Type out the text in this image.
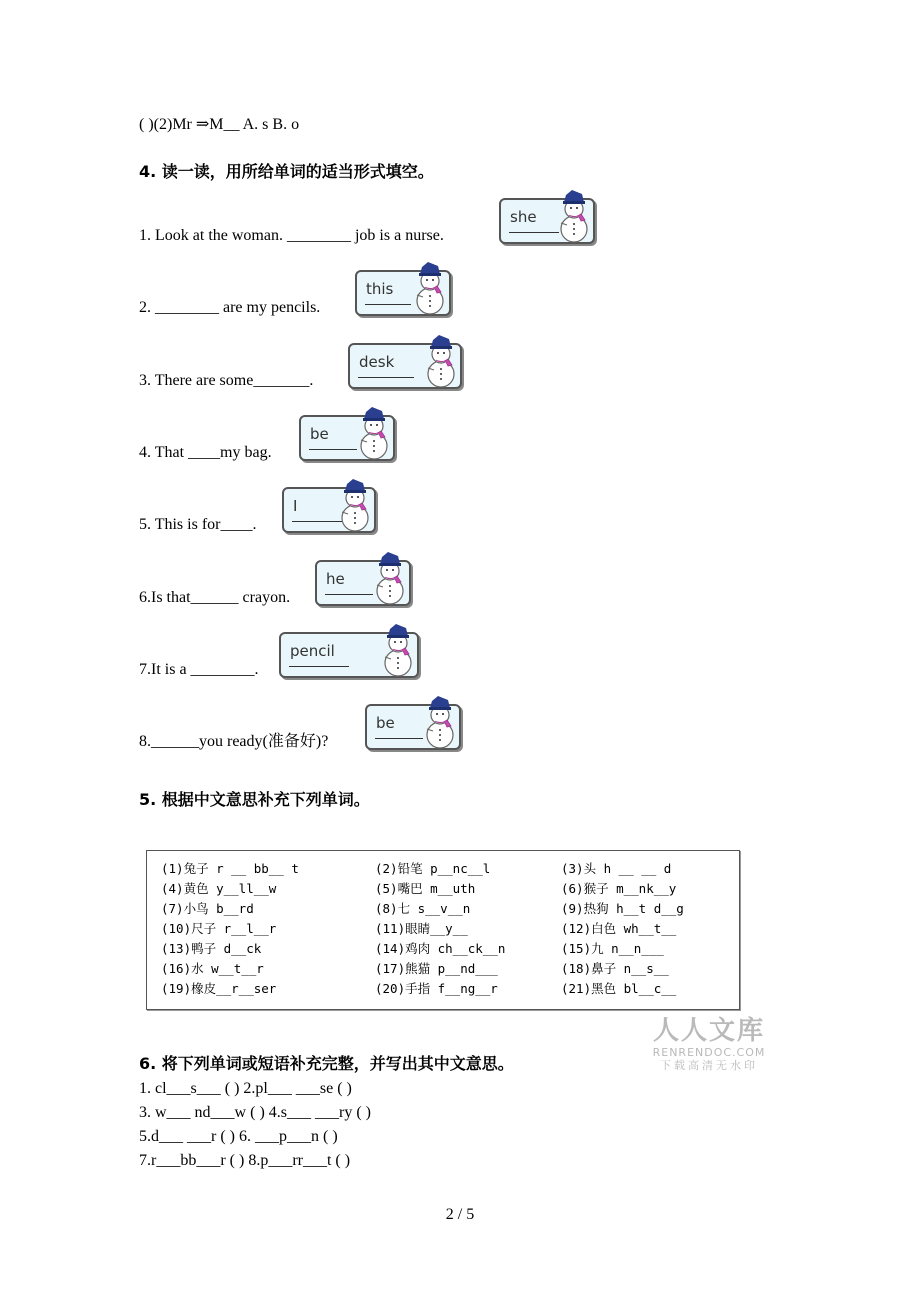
( )(2)Mr ⇒M__ A. s B. o
4. 读一读，用所给单词的适当形式填空。
1. Look at the woman. ________ job is a nurse.
she
2. ________ are my pencils.
this
3. There are some_______.
desk
4. That ____my bag.
be
5. This is for____.
I
6.Is that______ crayon.
he
7.It is a ________.
pencil
8.______you ready(准备好)?
be
5. 根据中文意思补充下列单词。
(1)兔子 r __ bb__ t	(2)铅笔 p__nc__l	(3)头 h __ __ d
(4)黄色 y__ll__w	(5)嘴巴 m__uth	(6)猴子 m__nk__y
(7)小鸟 b__rd	(8)七 s__v__n	(9)热狗 h__t d__g
(10)尺子 r__l__r	(11)眼睛__y__	(12)白色 wh__t__
(13)鸭子 d__ck	(14)鸡肉 ch__ck__n	(15)九 n__n___
(16)水 w__t__r	(17)熊猫 p__nd___	(18)鼻子 n__s__
(19)橡皮__r__ser	(20)手指 f__ng__r	(21)黑色 bl__c__
人人文库
RENRENDOC.COM
下载高清无水印
6. 将下列单词或短语补充完整，并写出其中文意思。
1. cl___s___ ( ) 2.pl___ ___se ( )
3. w___ nd___w ( ) 4.s___ ___ry ( )
5.d___ ___r ( ) 6. ___p___n ( )
7.r___bb___r ( ) 8.p___rr___t ( )
2 / 5
